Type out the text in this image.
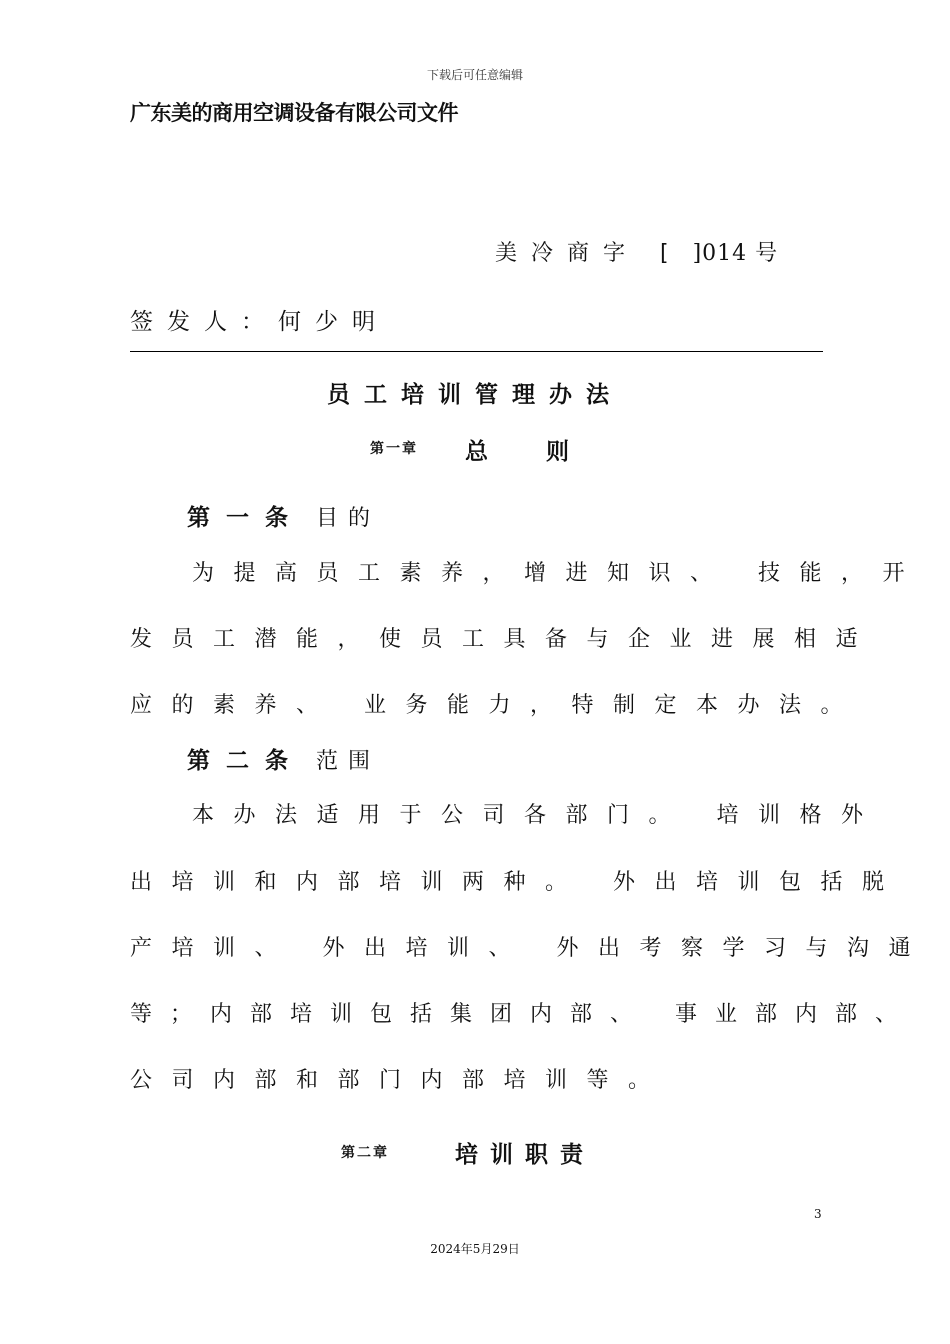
下载后可任意编辑
广东美的商用空调设备有限公司文件
美冷商字 [ ]014 号
签发人：何少明
员工培训管理办法
第一章 总　　则
第一条 目的
为提高员工素养，增进知识、 技能，开
发员工潜能，使员工具备与企业进展相适
应的素养、 业务能力，特制定本办法。
第二条 范围
本办法适用于公司各部门。 培训格外
出培训和内部培训两种。 外出培训包括脱
产培训、 外出培训、 外出考察学习与沟通
等；内部培训包括集团内部、 事业部内部、
公司内部和部门内部培训等。
第二章	培训职责
3
2024年5月29日
